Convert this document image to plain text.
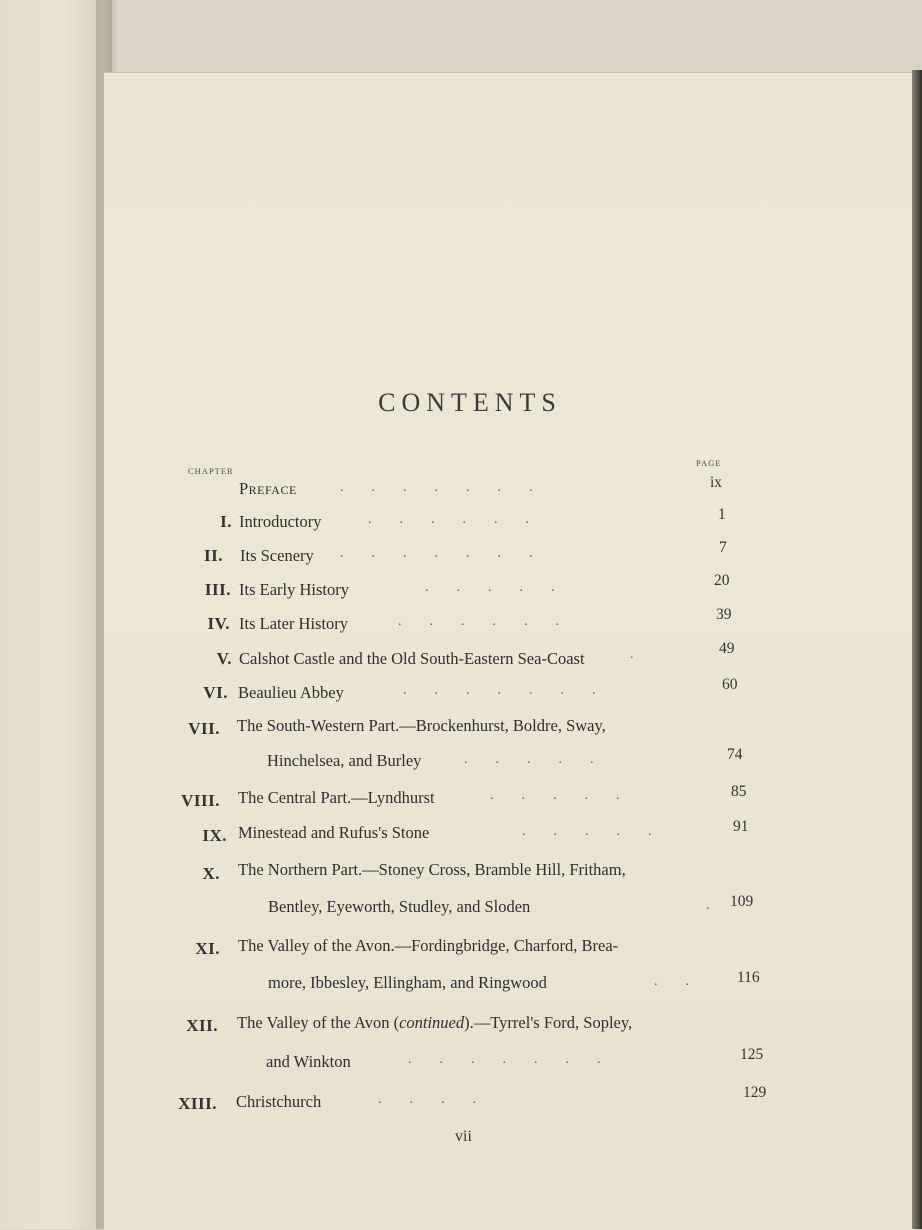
CONTENTS
CHAPTER
PAGE
Preface	.        .        .        .        .        .        .	ix
I. Introductory	.        .        .        .        .        .	1
II. Its Scenery .        .        .        .        .        .        .	7
III. Its Early History	.        .        .        .        .	20
IV. Its Later History	.        .        .        .        .        .	39
V. Calshot Castle and the Old South-Eastern Sea-Coast	.	49
VI. Beaulieu Abbey	.        .        .        .        .        .        .	60
VII. The South-Western Part.—Brockenhurst, Boldre, Sway,
Hinchelsea, and Burley	.        .        .        .        .	74
VIII. The Central Part.—Lyndhurst	.        .        .        .        .	85
IX. Minestead and Rufus's Stone	.        .        .        .        .	91
X. The Northern Part.—Stoney Cross, Bramble Hill, Fritham,
Bentley, Eyeworth, Studley, and Sloden	. 109
XI. The Valley of the Avon.—Fordingbridge, Charford, Brea-
more, Ibbesley, Ellingham, and Ringwood	.        .	116
XII. The Valley of the Avon (continued).—Tyrrel's Ford, Sopley,
and Winkton	.        .        .        .        .        .        .	125
XIII. Christchurch	.        .        .        .	129
vii
